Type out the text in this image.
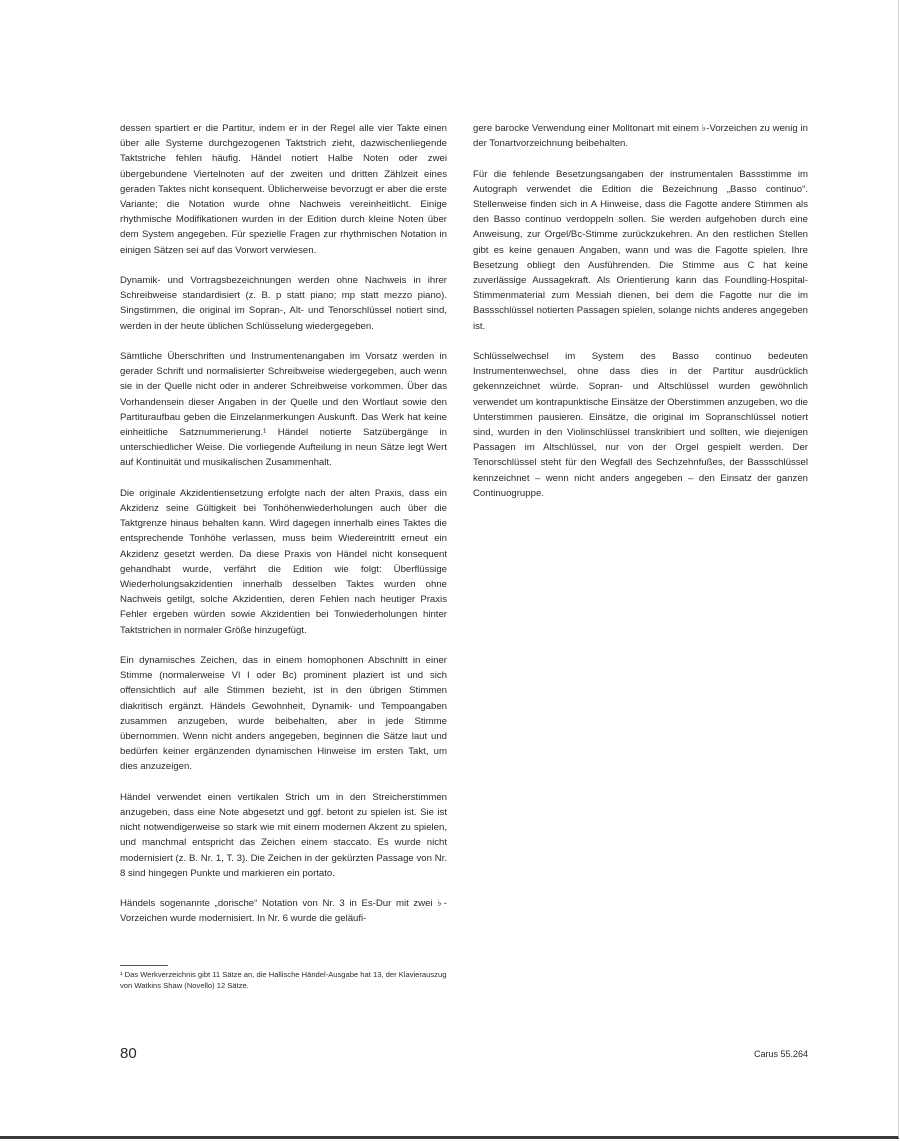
dessen spartiert er die Partitur, indem er in der Regel alle vier Takte einen über alle Systeme durchgezogenen Taktstrich zieht, dazwischenliegende Taktstriche fehlen häufig. Händel notiert Halbe Noten oder zwei übergebundene Viertelnoten auf der zweiten und dritten Zählzeit eines geraden Taktes nicht konsequent. Üblicherweise bevorzugt er aber die erste Variante; die Notation wurde ohne Nachweis vereinheitlicht. Einige rhythmische Modifikationen wurden in der Edition durch kleine Noten über dem System angegeben. Für spezielle Fragen zur rhythmischen Notation in einigen Sätzen sei auf das Vorwort verwiesen.

Dynamik- und Vortragsbezeichnungen werden ohne Nachweis in ihrer Schreibweise standardisiert (z. B. p statt piano; mp statt mezzo piano). Singstimmen, die original im Sopran-, Alt- und Tenorschlüssel notiert sind, werden in der heute üblichen Schlüsselung wiedergegeben.

Sämtliche Überschriften und Instrumentenangaben im Vorsatz werden in gerader Schrift und normalisierter Schreibweise wiedergegeben, auch wenn sie in der Quelle nicht oder in anderer Schreibweise vorkommen. Über das Vorhandensein dieser Angaben in der Quelle und den Wortlaut sowie den Partituraufbau geben die Einzelanmerkungen Auskunft. Das Werk hat keine einheitliche Satznummerierung.¹ Händel notierte Satzübergänge in unterschiedlicher Weise. Die vorliegende Aufteilung in neun Sätze legt Wert auf Kontinuität und musikalischen Zusammenhalt.

Die originale Akzidentiensetzung erfolgte nach der alten Praxis, dass ein Akzidenz seine Gültigkeit bei Tonhöhenwiederholungen auch über die Taktgrenze hinaus behalten kann. Wird dagegen innerhalb eines Taktes die entsprechende Tonhöhe verlassen, muss beim Wiedereintritt erneut ein Akzidenz gesetzt werden. Da diese Praxis von Händel nicht konsequent gehandhabt wurde, verfährt die Edition wie folgt: Überflüssige Wiederholungsakzidentien innerhalb desselben Taktes wurden ohne Nachweis getilgt, solche Akzidentien, deren Fehlen nach heutiger Praxis Fehler ergeben würden sowie Akzidentien bei Tonwiederholungen hinter Taktstrichen in normaler Größe hinzugefügt.

Ein dynamisches Zeichen, das in einem homophonen Abschnitt in einer Stimme (normalerweise Vl I oder Bc) prominent plaziert ist und sich offensichtlich auf alle Stimmen bezieht, ist in den übrigen Stimmen diakritisch ergänzt. Händels Gewohnheit, Dynamik- und Tempoangaben zusammen anzugeben, wurde beibehalten, aber in jede Stimme übernommen. Wenn nicht anders angegeben, beginnen die Sätze laut und bedürfen keiner ergänzenden dynamischen Hinweise im ersten Takt, um dies anzuzeigen.

Händel verwendet einen vertikalen Strich um in den Streicherstimmen anzugeben, dass eine Note abgesetzt und ggf. betont zu spielen ist. Sie ist nicht notwendigerweise so stark wie mit einem modernen Akzent zu spielen, und manchmal entspricht das Zeichen einem staccato. Es wurde nicht modernisiert (z. B. Nr. 1, T. 3). Die Zeichen in der gekürzten Passage von Nr. 8 sind hingegen Punkte und markieren ein portato.

Händels sogenannte „dorische“ Notation von Nr. 3 in Es-Dur mit zwei ♭-Vorzeichen wurde modernisiert. In Nr. 6 wurde die geläufi-

gere barocke Verwendung einer Molltonart mit einem ♭-Vorzeichen zu wenig in der Tonartvorzeichnung beibehalten.

Für die fehlende Besetzungsangaben der instrumentalen Bassstimme im Autograph verwendet die Edition die Bezeichnung „Basso continuo“. Stellenweise finden sich in A Hinweise, dass die Fagotte andere Stimmen als den Basso continuo verdoppeln sollen. Sie werden aufgehoben durch eine Anweisung, zur Orgel/Bc-Stimme zurückzukehren. An den restlichen Stellen gibt es keine genauen Angaben, wann und was die Fagotte spielen. Ihre Besetzung obliegt den Ausführenden. Die Stimme aus C hat keine zuverlässige Aussagekraft. Als Orientierung kann das Foundling-Hospital-Stimmenmaterial zum Messiah dienen, bei dem die Fagotte nur die im Bassschlüssel notierten Passagen spielen, solange nichts anderes angegeben ist.

Schlüsselwechsel im System des Basso continuo bedeuten Instrumentenwechsel, ohne dass dies in der Partitur ausdrücklich gekennzeichnet würde. Sopran- und Altschlüssel wurden gewöhnlich verwendet um kontrapunktische Einsätze der Oberstimmen anzugeben, wo die Unterstimmen pausieren. Einsätze, die original im Sopranschlüssel notiert sind, wurden in den Violinschlüssel transkribiert und sollten, wie diejenigen Passagen im Altschlüssel, nur von der Orgel gespielt werden. Der Tenorschlüssel steht für den Wegfall des Sechzehnfußes, der Bassschlüssel kennzeichnet – wenn nicht anders angegeben – den Einsatz der ganzen Continuogruppe.

¹ Das Werkverzeichnis gibt 11 Sätze an, die Hallische Händel-Ausgabe hat 13, der Klavierauszug von Watkins Shaw (Novello) 12 Sätze.
80	Carus 55.264
